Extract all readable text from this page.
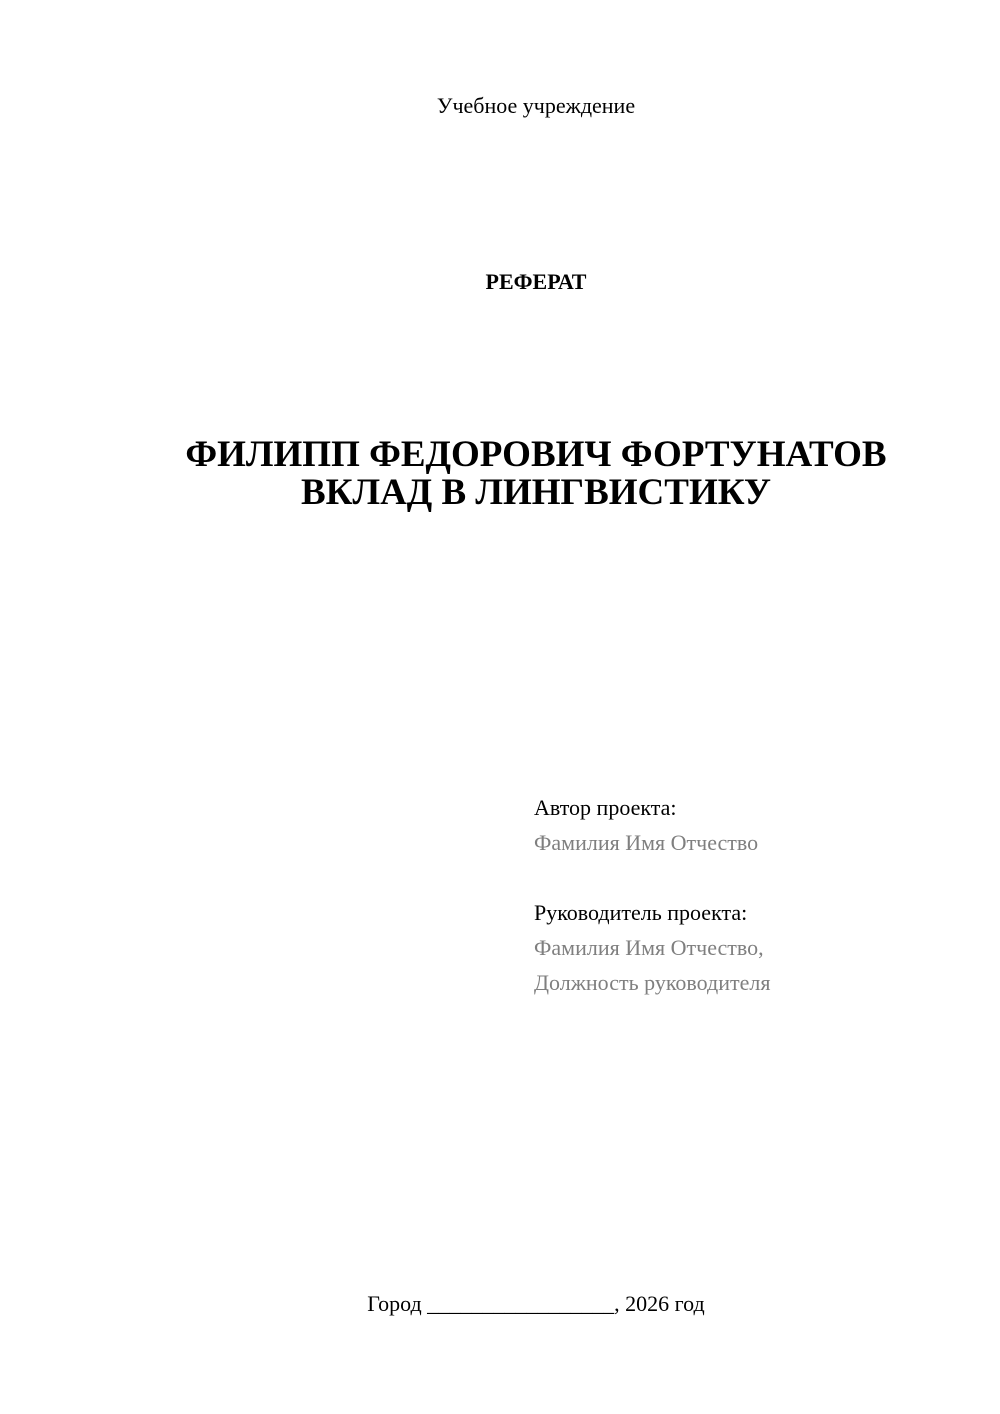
Учебное учреждение
РЕФЕРАТ
ФИЛИПП ФЕДОРОВИЧ ФОРТУНАТОВ
ВКЛАД В ЛИНГВИСТИКУ
Автор проекта:
Фамилия Имя Отчество
Руководитель проекта:
Фамилия Имя Отчество,
Должность руководителя
Город _________________, 2026 год
